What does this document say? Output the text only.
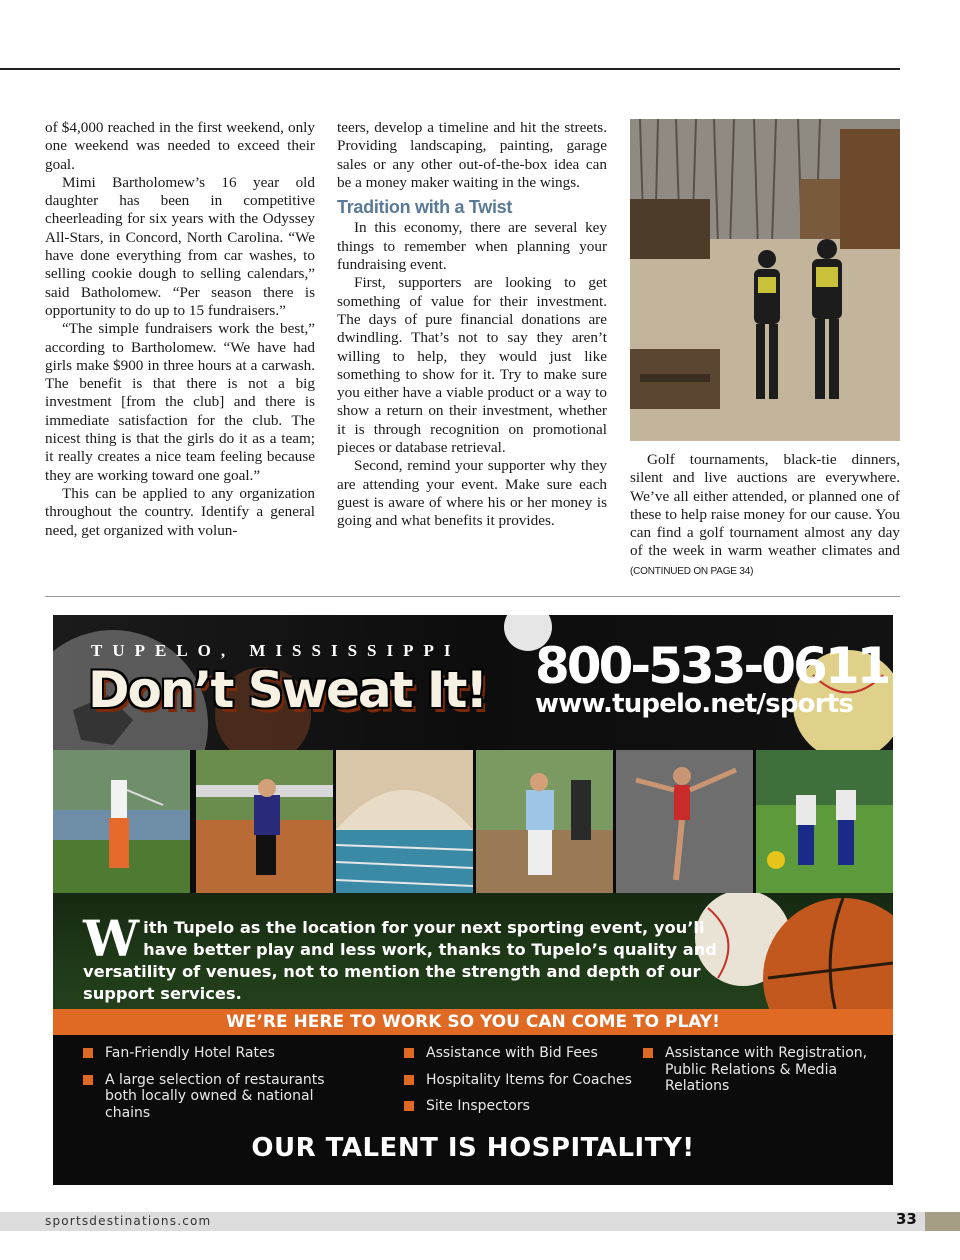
of $4,000 reached in the first weekend, only one weekend was needed to exceed their goal.

Mimi Bartholomew’s 16 year old daughter has been in competitive cheerleading for six years with the Odyssey All-Stars, in Concord, North Carolina. “We have done everything from car washes, to selling cookie dough to selling calendars,” said Batholomew. “Per season there is opportunity to do up to 15 fundraisers.”

“The simple fundraisers work the best,” according to Bartholomew. “We have had girls make $900 in three hours at a carwash. The benefit is that there is not a big investment [from the club] and there is immediate satisfaction for the club. The nicest thing is that the girls do it as a team; it really creates a nice team feeling because they are working toward one goal.”

This can be applied to any organization throughout the country. Identify a general need, get organized with volun-

teers, develop a timeline and hit the streets. Providing landscaping, painting, garage sales or any other out-of-the-box idea can be a money maker waiting in the wings.

Tradition with a Twist

In this economy, there are several key things to remember when planning your fundraising event.

First, supporters are looking to get something of value for their investment. The days of pure financial donations are dwindling. That’s not to say they aren’t willing to help, they would just like something to show for it. Try to make sure you either have a viable product or a way to show a return on their investment, whether it is through recognition on promotional pieces or database retrieval.

Second, remind your supporter why they are attending your event. Make sure each guest is aware of where his or her money is going and what benefits it provides.

Golf tournaments, black-tie dinners, silent and live auctions are everywhere. We’ve all either attended, or planned one of these to help raise money for our cause. You can find a golf tournament almost any day of the week in warm weather climates and (CONTINUED ON PAGE 34)

TUPELO, MISSISSIPPI
Don’t Sweat It! 800-533-0611
www.tupelo.net/sports
With Tupelo as the location for your next sporting event, you’ll have better play and less work, thanks to Tupelo’s quality and versatility of venues, not to mention the strength and depth of our support services.
WE’RE HERE TO WORK SO YOU CAN COME TO PLAY!
Fan-Friendly Hotel Rates
A large selection of restaurants both locally owned & national chains
Assistance with Bid Fees
Hospitality Items for Coaches
Site Inspectors
Assistance with Registration, Public Relations & Media Relations
OUR TALENT IS HOSPITALITY!
sportsdestinations.com	33
